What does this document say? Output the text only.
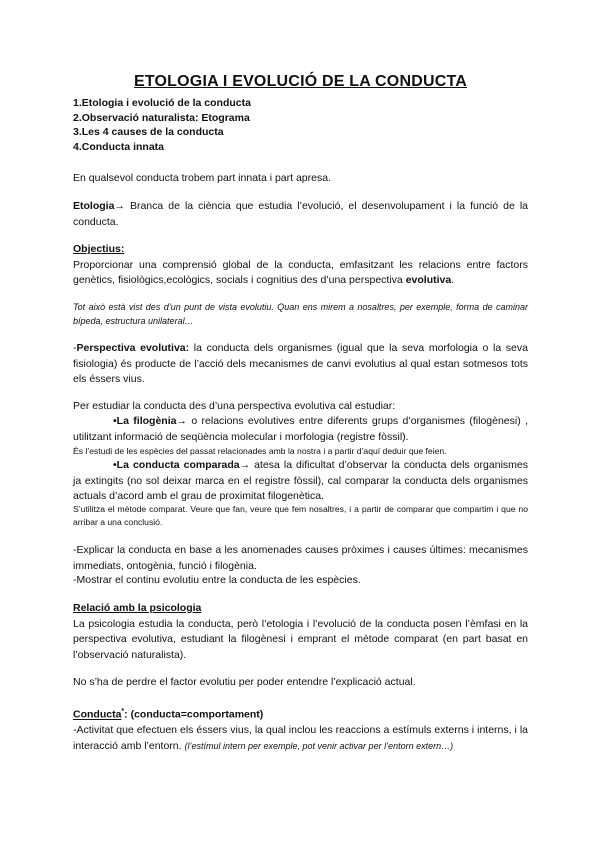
ETOLOGIA I EVOLUCIÓ DE LA CONDUCTA
1.Etologia i evolució de la conducta
2.Observació naturalista: Etograma
3.Les 4 causes de la conducta
4.Conducta innata
En qualsevol conducta trobem part innata i part apresa.
Etologia→ Branca de la ciència que estudia l’evolució, el desenvolupament i la funció de la conducta.
Objectius:
Proporcionar una comprensió global de la conducta, emfasitzant les relacions entre factors genètics, fisiològics,ecològics, socials i cognitius des d’una perspectiva evolutiva.
Tot això està vist des d’un punt de vista evolutiu. Quan ens mirem a nosaltres, per exemple, forma de caminar bípeda, estructura unilateral…
-Perspectiva evolutiva: la conducta dels organismes (igual que la seva morfologia o la seva fisiologia) és producte de l’acció dels mecanismes de canvi evolutius al qual estan sotmesos tots els éssers vius.
Per estudiar la conducta des d’una perspectiva evolutiva cal estudiar:
•La filogènia→ o relacions evolutives entre diferents grups d’organismes (filogènesi) , utilitzant informació de seqüència molecular i morfologia (registre fòssil).
És l’estudi de les espècies del passat relacionades amb la nostra i a partir d’aquí deduir que feien.
•La conducta comparada→ atesa la dificultat d’observar la conducta dels organismes ja extingits (no sol deixar marca en el registre fòssil), cal comparar la conducta dels organismes actuals d’acord amb el grau de proximitat filogenètica.
S’utilitza el mètode comparat. Veure que fan, veure que fem nosaltres, i a partir de comparar que compartim i que no arribar a una conclusió.
-Explicar la conducta en base a les anomenades causes pròximes i causes últimes: mecanismes immediats, ontogènia, funció i filogènia.
-Mostrar el continu evolutiu entre la conducta de les espècies.
Relació amb la psicologia
La psicologia estudia la conducta, però l’etologia i l’evolució de la conducta posen l’èmfasi en la perspectiva evolutiva, estudiant la filogènesi i emprant el mètode comparat (en part basat en l’observació naturalista).
No s’ha de perdre el factor evolutiu per poder entendre l’explicació actual.
Conducta*: (conducta=comportament)
-Activitat que efectuen els éssers vius, la qual inclou les reaccions a estímuls externs i interns, i la interacció amb l’entorn. (l’estímul intern per exemple, pot venir activar per l’entorn extern…)
